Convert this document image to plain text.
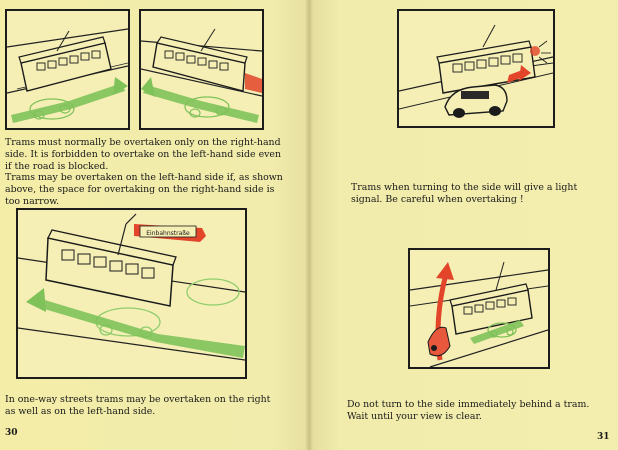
Trams must normally be overtaken only on the right-hand side. It is forbidden to overtake on the left-hand side even if the road is blocked.
Trams may be overtaken on the left-hand side if, as shown above, the space for overtaking on the right-hand side is too narrow.
Einbahnstraße
In one-way streets trams may be overtaken on the right as well as on the left-hand side.
30
Trams when turning to the side will give a light signal. Be careful when overtaking !
Do not turn to the side immediately behind a tram. Wait until your view is clear.
31
